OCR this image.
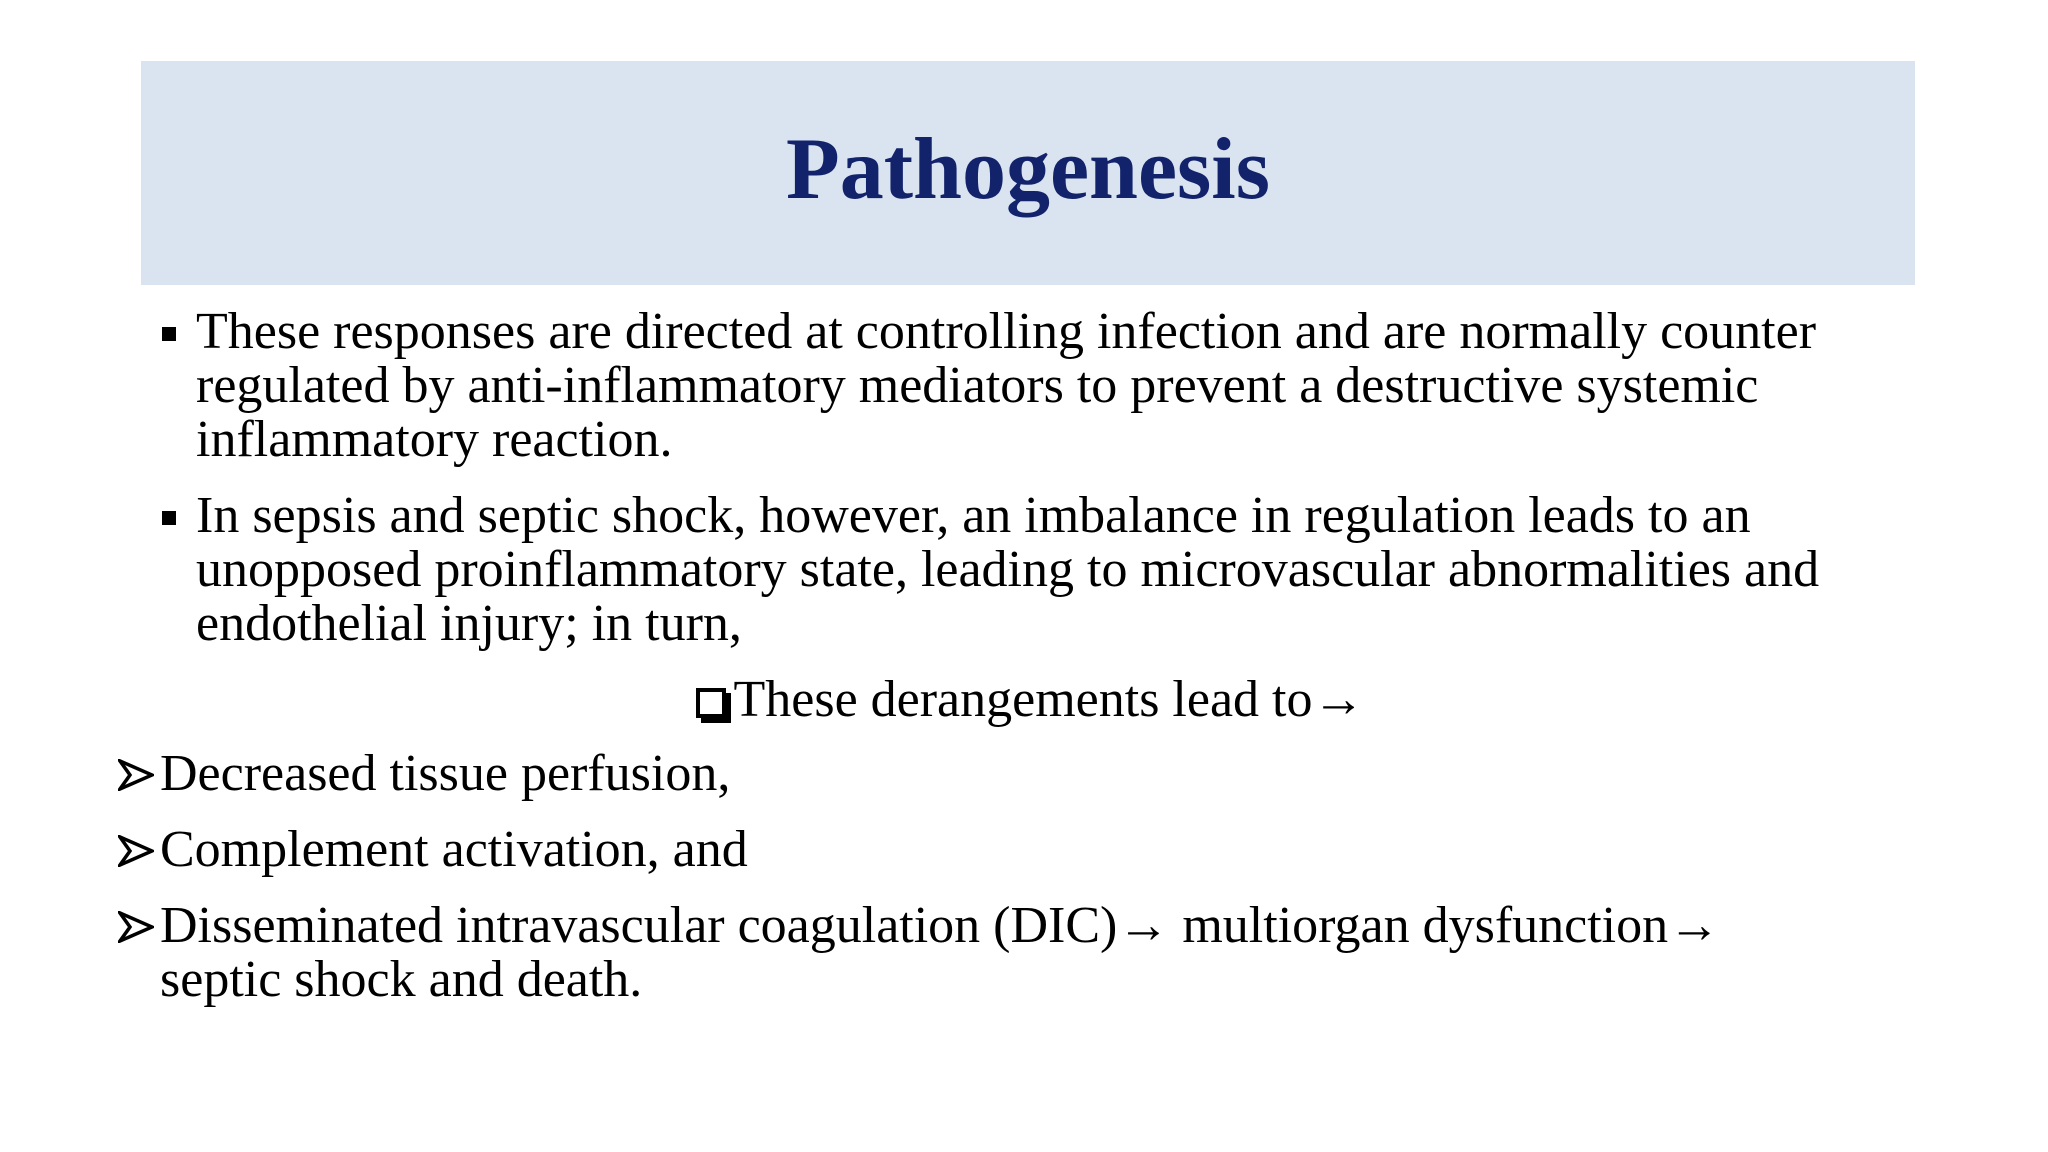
Pathogenesis
These responses are directed at controlling infection and are normally counter regulated by anti-inflammatory mediators to prevent a destructive systemic inflammatory reaction.
In sepsis and septic shock, however, an imbalance in regulation leads to an unopposed proinflammatory state, leading to microvascular abnormalities and endothelial injury; in turn,
These derangements lead to→
Decreased tissue perfusion,
Complement activation, and
Disseminated intravascular coagulation (DIC)→ multiorgan dysfunction→
septic shock and death.
